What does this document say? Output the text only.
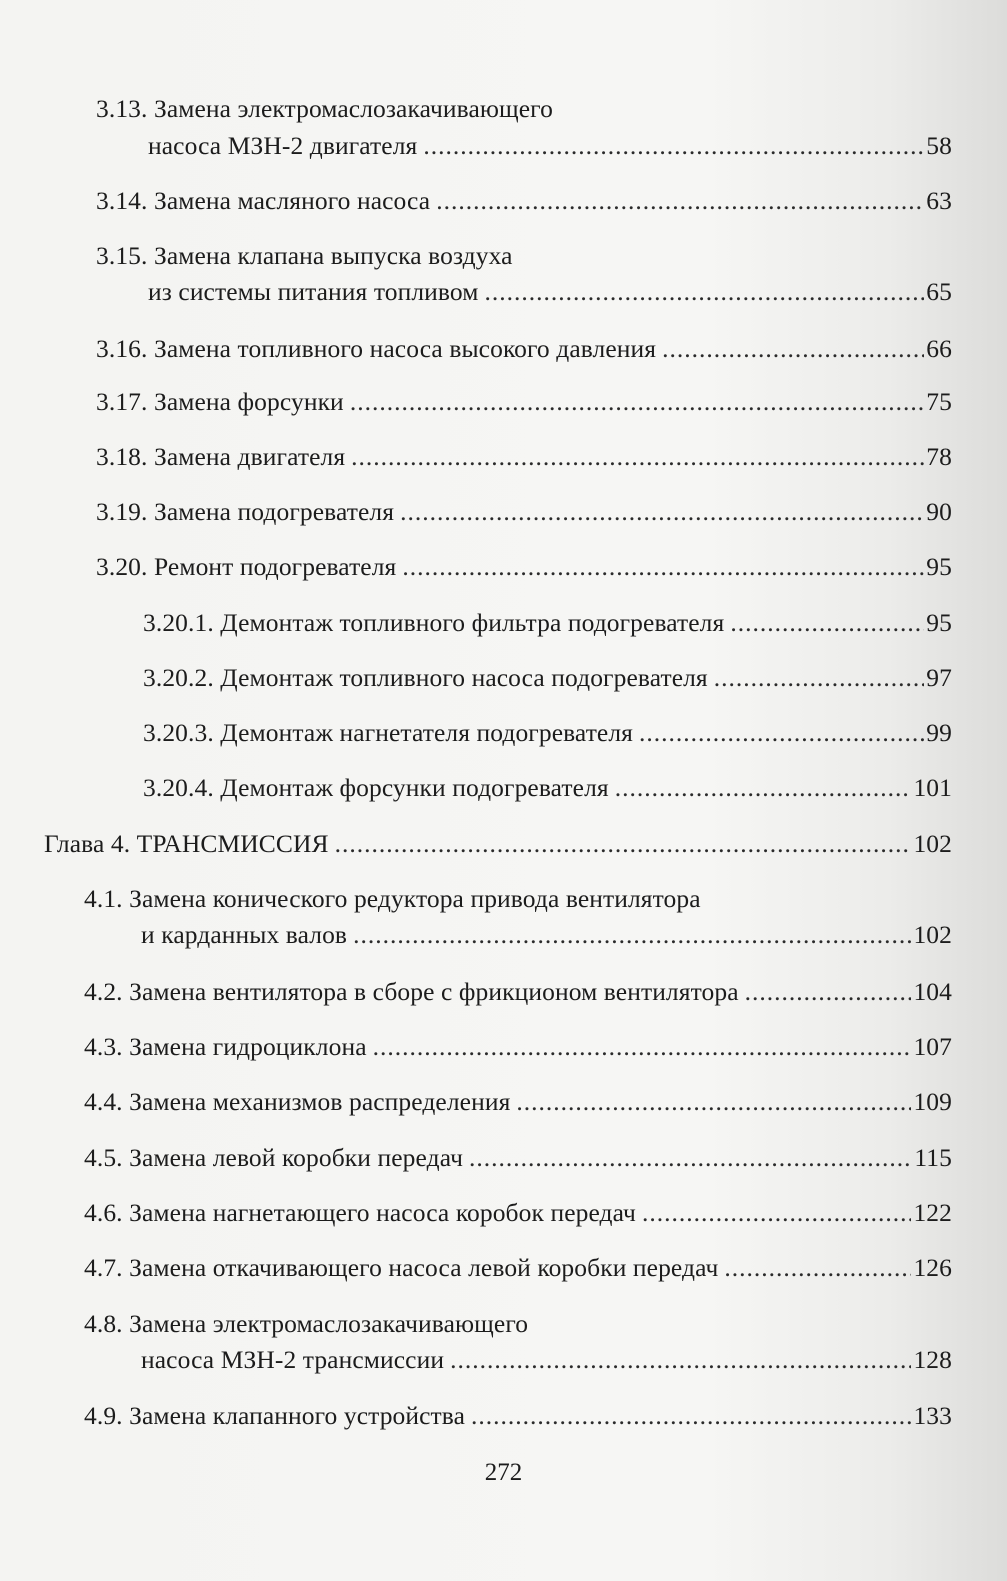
3.13. Замена электромаслозакачивающего
насоса МЗН-2 двигателя .....	58
3.14. Замена масляного насоса .....	63
3.15. Замена клапана выпуска воздуха
из системы питания топливом .....	65
3.16. Замена топливного насоса высокого давления .....	66
3.17. Замена форсунки .....	75
3.18. Замена двигателя .....	78
3.19. Замена подогревателя .....	90
3.20. Ремонт подогревателя .....	95
3.20.1. Демонтаж топливного фильтра подогревателя .....	95
3.20.2. Демонтаж топливного насоса подогревателя .....	97
3.20.3. Демонтаж нагнетателя подогревателя .....	99
3.20.4. Демонтаж форсунки подогревателя .....	101
Глава 4. ТРАНСМИССИЯ .....	102
4.1. Замена конического редуктора привода вентилятора
и карданных валов .....	102
4.2. Замена вентилятора в сборе с фрикционом вентилятора .....	104
4.3. Замена гидроциклона .....	107
4.4. Замена механизмов распределения .....	109
4.5. Замена левой коробки передач .....	115
4.6. Замена нагнетающего насоса коробок передач .....	122
4.7. Замена откачивающего насоса левой коробки передач .....	126
4.8. Замена электромаслозакачивающего
насоса МЗН-2 трансмиссии .....	128
4.9. Замена клапанного устройства .....	133
272
